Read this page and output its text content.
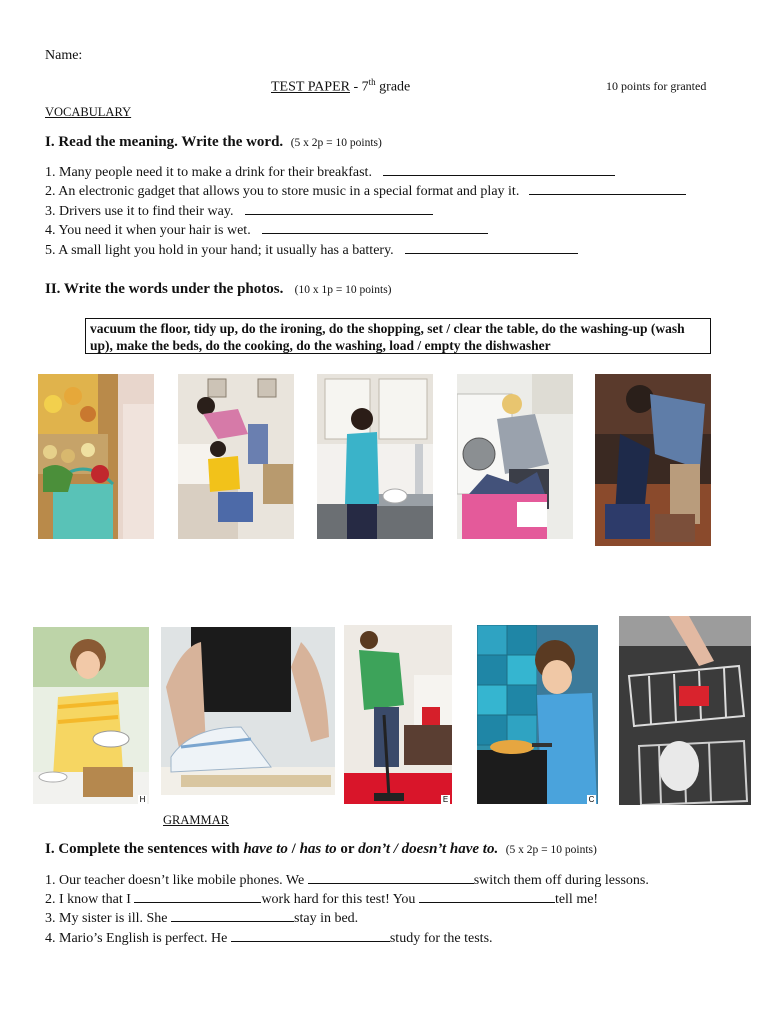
Name:
TEST PAPER - 7th grade	10 points for granted
VOCABULARY
I. Read the meaning. Write the word. (5 x 2p = 10 points)
1. Many people need it to make a drink for their breakfast.
2. An electronic gadget that allows you to store music in a special format and play it.
3. Drivers use it to find their way.
4. You need it when your hair is wet.
5. A small light you hold in your hand; it usually has a battery.
II. Write the words under the photos. (10 x 1p = 10 points)
vacuum the floor, tidy up, do the ironing, do the shopping, set / clear the table, do the washing-up (wash up), make the beds, do the cooking, do the washing, load / empty the dishwasher
H	E	C
GRAMMAR
I. Complete the sentences with have to / has to or don’t / doesn’t have to. (5 x 2p = 10 points)
1. Our teacher doesn’t like mobile phones. We	switch them off during lessons.
2. I know that I	work hard for this test! You	tell me!
3. My sister is ill. She	stay in bed.
4. Mario’s English is perfect. He	study for the tests.
